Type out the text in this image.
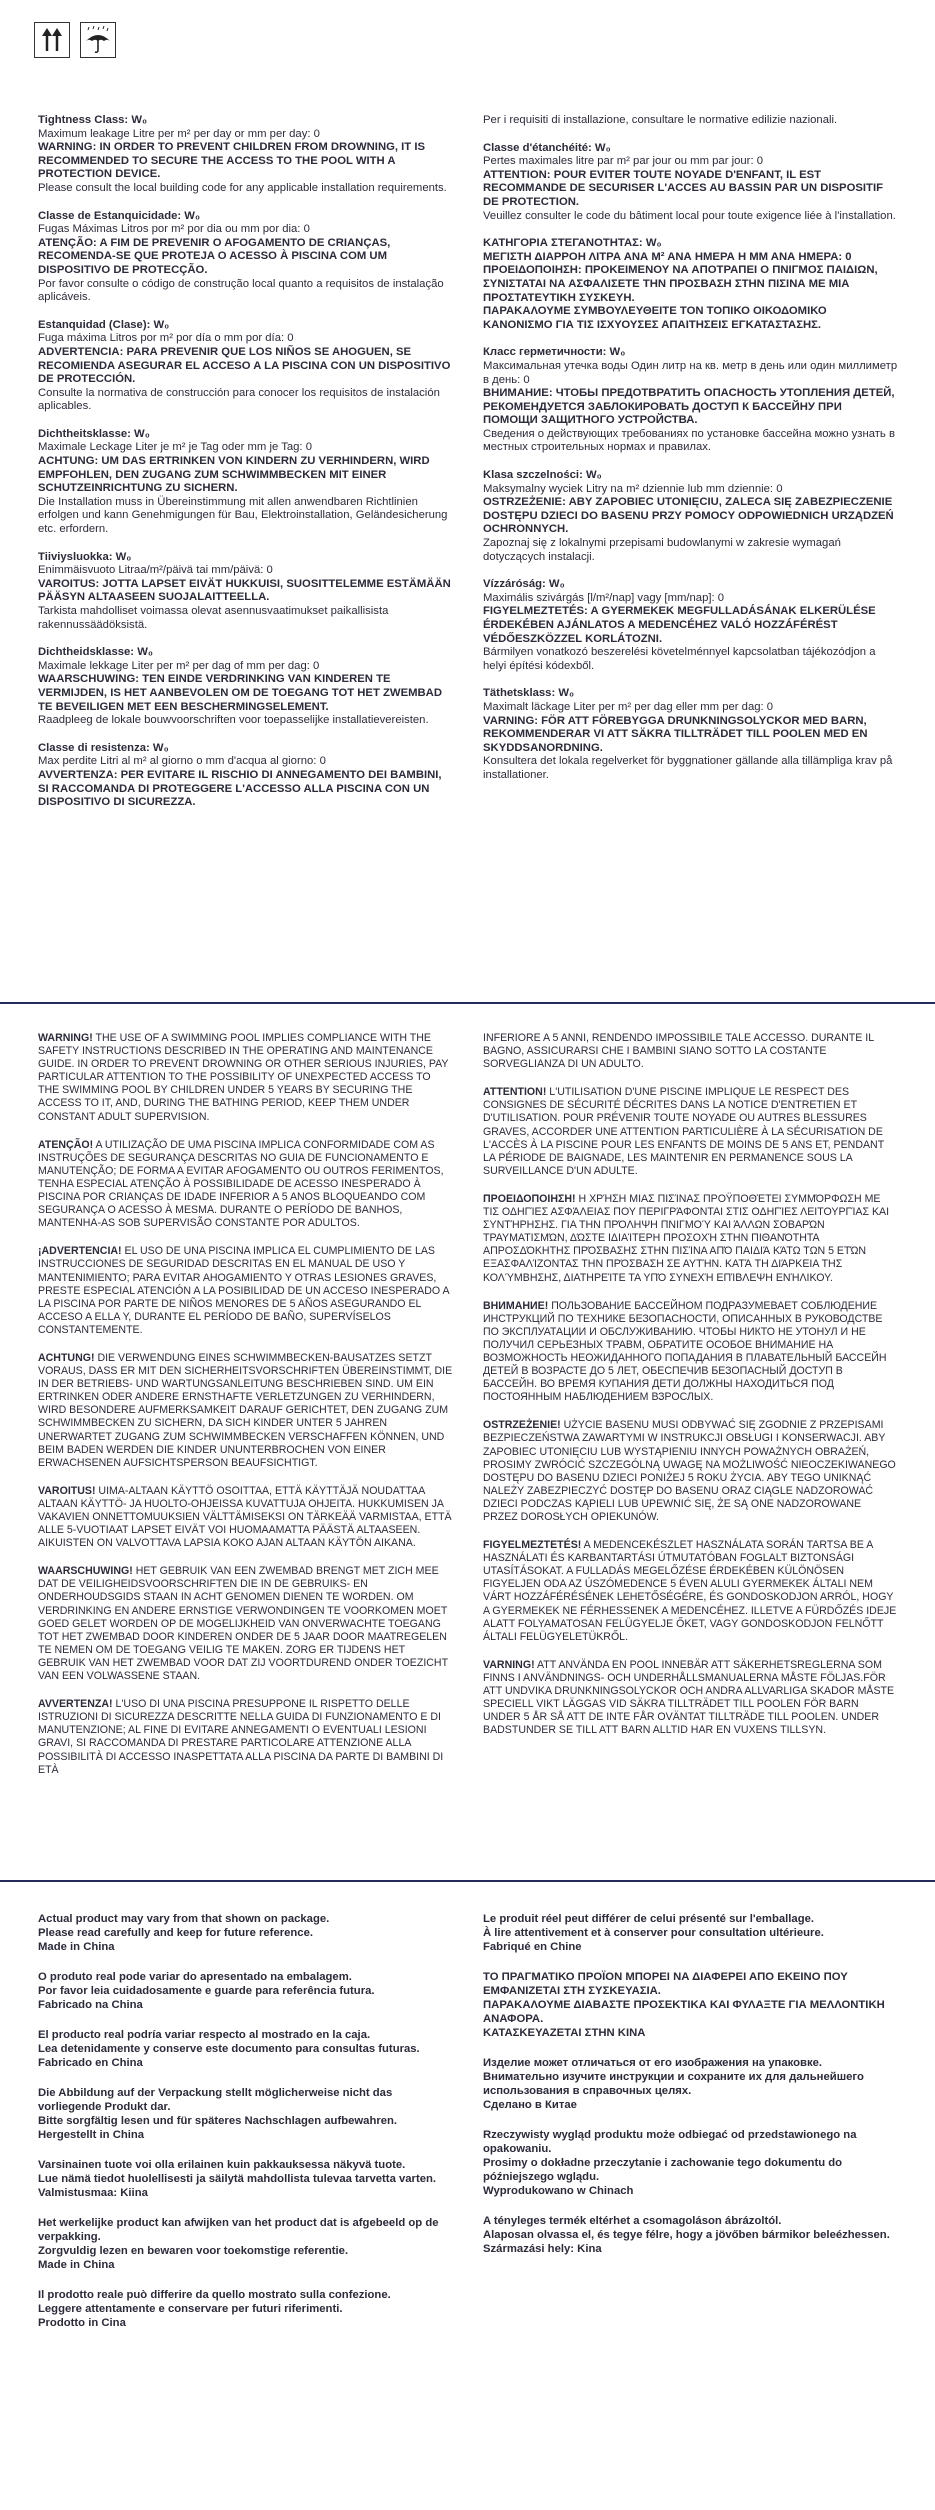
Tightness Class: W₀
Maximum leakage Litre per m² per day or mm per day: 0
WARNING: IN ORDER TO PREVENT CHILDREN FROM DROWNING, IT IS RECOMMENDED TO SECURE THE ACCESS TO THE POOL WITH A PROTECTION DEVICE.
Please consult the local building code for any applicable installation requirements.
Classe de Estanquicidade: W₀
Fugas Máximas Litros por m² por dia ou mm por dia: 0
ATENÇÃO: A FIM DE PREVENIR O AFOGAMENTO DE CRIANÇAS, RECOMENDA-SE QUE PROTEJA O ACESSO À PISCINA COM UM DISPOSITIVO DE PROTECÇÃO.
Por favor consulte o código de construção local quanto a requisitos de instalação aplicáveis.
Estanquidad (Clase): W₀
Fuga máxima Litros por m² por día o mm por día: 0
ADVERTENCIA: PARA PREVENIR QUE LOS NIÑOS SE AHOGUEN, SE RECOMIENDA ASEGURAR EL ACCESO A LA PISCINA CON UN DISPOSITIVO DE PROTECCIÓN.
Consulte la normativa de construcción para conocer los requisitos de instalación aplicables.
Dichtheitsklasse: W₀
Maximale Leckage Liter je m² je Tag oder mm je Tag: 0
ACHTUNG: UM DAS ERTRINKEN VON KINDERN ZU VERHINDERN, WIRD EMPFOHLEN, DEN ZUGANG ZUM SCHWIMMBECKEN MIT EINER SCHUTZEINRICHTUNG ZU SICHERN.
Die Installation muss in Übereinstimmung mit allen anwendbaren Richtlinien erfolgen und kann Genehmigungen für Bau, Elektroinstallation, Geländesicherung etc. erfordern.
Tiiviysluokka: W₀
Enimmäisvuoto Litraa/m²/päivä tai mm/päivä: 0
VAROITUS: JOTTA LAPSET EIVÄT HUKKUISI, SUOSITTELEMME ESTÄMÄÄN PÄÄSYN ALTAASEEN SUOJALAITTEELLA.
Tarkista mahdolliset voimassa olevat asennusvaatimukset paikallisista rakennussäädöksistä.
Dichtheidsklasse: W₀
Maximale lekkage Liter per m² per dag of mm per dag: 0
WAARSCHUWING: TEN EINDE VERDRINKING VAN KINDEREN TE VERMIJDEN, IS HET AANBEVOLEN OM DE TOEGANG TOT HET ZWEMBAD TE BEVEILIGEN MET EEN BESCHERMINGSELEMENT.
Raadpleeg de lokale bouwvoorschriften voor toepasselijke installatievereisten.
Classe di resistenza: W₀
Max perdite Litri al m² al giorno o mm d'acqua al giorno: 0
AVVERTENZA: PER EVITARE IL RISCHIO DI ANNEGAMENTO DEI BAMBINI, SI RACCOMANDA DI PROTEGGERE L'ACCESSO ALLA PISCINA CON UN DISPOSITIVO DI SICUREZZA.
Per i requisiti di installazione, consultare le normative edilizie nazionali.
Classe d'étanchéité: W₀
Pertes maximales litre par m² par jour ou mm par jour: 0
ATTENTION: POUR EVITER TOUTE NOYADE D'ENFANT, IL EST RECOMMANDE DE SECURISER L'ACCES AU BASSIN PAR UN DISPOSITIF DE PROTECTION.
Veuillez consulter le code du bâtiment local pour toute exigence liée à l'installation.
ΚΑΤΗΓΟΡΙΑ ΣΤΕΓΑΝΟΤΗΤΑΣ: W₀
ΜΕΓΙΣΤΗ ΔΙΑΡΡΟΗ ΛΙΤΡΑ ΑΝΑ Μ² ΑΝΑ ΗΜΕΡΑ Η ΜΜ ΑΝΑ ΗΜΕΡΑ: 0
ΠΡΟΕΙΔΟΠΟΙΗΣΗ: ΠΡΟΚΕΙΜΕΝΟΥ ΝΑ ΑΠΟΤΡΑΠΕΙ Ο ΠΝΙΓΜΟΣ ΠΑΙΔΙΩΝ, ΣΥΝΙΣΤΑΤΑΙ ΝΑ ΑΣΦΑΛΙΣΕΤΕ ΤΗΝ ΠΡΟΣΒΑΣΗ ΣΤΗΝ ΠΙΣΙΝΑ ΜΕ ΜΙΑ ΠΡΟΣΤΑΤΕΥΤΙΚΗ ΣΥΣΚΕΥΗ.
ΠΑΡΑΚΑΛΟΥΜΕ ΣΥΜΒΟΥΛΕΥΘΕΙΤΕ ΤΟΝ ΤΟΠΙΚΟ ΟΙΚΟΔΟΜΙΚΟ ΚΑΝΟΝΙΣΜΟ ΓΙΑ ΤΙΣ ΙΣΧΥΟΥΣΕΣ ΑΠΑΙΤΗΣΕΙΣ ΕΓΚΑΤΑΣΤΑΣΗΣ.
Класс герметичности: W₀
Максимальная утечка воды Один литр на кв. метр в день или один миллиметр в день: 0
ВНИМАНИЕ: ЧТОБЫ ПРЕДОТВРАТИТЬ ОПАСНОСТЬ УТОПЛЕНИЯ ДЕТЕЙ, РЕКОМЕНДУЕТСЯ ЗАБЛОКИРОВАТЬ ДОСТУП К БАССЕЙНУ ПРИ ПОМОЩИ ЗАЩИТНОГО УСТРОЙСТВА.
Сведения о действующих требованиях по установке бассейна можно узнать в местных строительных нормах и правилах.
Klasa szczelności: W₀
Maksymalny wyciek Litry na m² dziennie lub mm dziennie: 0
OSTRZEŻENIE: ABY ZAPOBIEC UTONIĘCIU, ZALECA SIĘ ZABEZPIECZENIE DOSTĘPU DZIECI DO BASENU PRZY POMOCY ODPOWIEDNICH URZĄDZEŃ OCHRONNYCH.
Zapoznaj się z lokalnymi przepisami budowlanymi w zakresie wymagań dotyczących instalacji.
Vízzáróság: W₀
Maximális szivárgás [l/m²/nap] vagy [mm/nap]: 0
FIGYELMEZTETÉS: A GYERMEKEK MEGFULLADÁSÁNAK ELKERÜLÉSE ÉRDEKÉBEN AJÁNLATOS A MEDENCÉHEZ VALÓ HOZZÁFÉRÉST VÉDŐESZKÖZZEL KORLÁTOZNI.
Bármilyen vonatkozó beszerelési követelménnyel kapcsolatban tájékozódjon a helyi építési kódexből.
Täthetsklass: W₀
Maximalt läckage Liter per m² per dag eller mm per dag: 0
VARNING: FÖR ATT FÖREBYGGA DRUNKNINGSOLYCKOR MED BARN, REKOMMENDERAR VI ATT SÄKRA TILLTRÄDET TILL POOLEN MED EN SKYDDSANORDNING.
Konsultera det lokala regelverket för byggnationer gällande alla tillämpliga krav på installationer.
WARNING! THE USE OF A SWIMMING POOL IMPLIES COMPLIANCE WITH THE SAFETY INSTRUCTIONS DESCRIBED IN THE OPERATING AND MAINTENANCE GUIDE. IN ORDER TO PREVENT DROWNING OR OTHER SERIOUS INJURIES, PAY PARTICULAR ATTENTION TO THE POSSIBILITY OF UNEXPECTED ACCESS TO THE SWIMMING POOL BY CHILDREN UNDER 5 YEARS BY SECURING THE ACCESS TO IT, AND, DURING THE BATHING PERIOD, KEEP THEM UNDER CONSTANT ADULT SUPERVISION.
ATENÇÃO! A UTILIZAÇÃO DE UMA PISCINA IMPLICA CONFORMIDADE COM AS INSTRUÇÕES DE SEGURANÇA DESCRITAS NO GUIA DE FUNCIONAMENTO E MANUTENÇÃO; DE FORMA A EVITAR AFOGAMENTO OU OUTROS FERIMENTOS, TENHA ESPECIAL ATENÇÃO À POSSIBILIDADE DE ACESSO INESPERADO À PISCINA POR CRIANÇAS DE IDADE INFERIOR A 5 ANOS BLOQUEANDO COM SEGURANÇA O ACESSO À MESMA. DURANTE O PERÍODO DE BANHOS, MANTENHA-AS SOB SUPERVISÃO CONSTANTE POR ADULTOS.
¡ADVERTENCIA! EL USO DE UNA PISCINA IMPLICA EL CUMPLIMIENTO DE LAS INSTRUCCIONES DE SEGURIDAD DESCRITAS EN EL MANUAL DE USO Y MANTENIMIENTO; PARA EVITAR AHOGAMIENTO Y OTRAS LESIONES GRAVES, PRESTE ESPECIAL ATENCIÓN A LA POSIBILIDAD DE UN ACCESO INESPERADO A LA PISCINA POR PARTE DE NIÑOS MENORES DE 5 AÑOS ASEGURANDO EL ACCESO A ELLA Y, DURANTE EL PERÍODO DE BAÑO, SUPERVÍSELOS CONSTANTEMENTE.
ACHTUNG! DIE VERWENDUNG EINES SCHWIMMBECKEN-BAUSATZES SETZT VORAUS, DASS ER MIT DEN SICHERHEITSVORSCHRIFTEN ÜBEREINSTIMMT, DIE IN DER BETRIEBS- UND WARTUNGSANLEITUNG BESCHRIEBEN SIND. UM EIN ERTRINKEN ODER ANDERE ERNSTHAFTE VERLETZUNGEN ZU VERHINDERN, WIRD BESONDERE AUFMERKSAMKEIT DARAUF GERICHTET, DEN ZUGANG ZUM SCHWIMMBECKEN ZU SICHERN, DA SICH KINDER UNTER 5 JAHREN UNERWARTET ZUGANG ZUM SCHWIMMBECKEN VERSCHAFFEN KÖNNEN, UND BEIM BADEN WERDEN DIE KINDER UNUNTERBROCHEN VON EINER ERWACHSENEN AUFSICHTSPERSON BEAUFSICHTIGT.
VAROITUS! UIMA-ALTAAN KÄYTTÖ OSOITTAA, ETTÄ KÄYTTÄJÄ NOUDATTAA ALTAAN KÄYTTÖ- JA HUOLTO-OHJEISSA KUVATTUJA OHJEITA. HUKKUMISEN JA VAKAVIEN ONNETTOMUUKSIEN VÄLTTÄMISEKSI ON TÄRKEÄÄ VARMISTAA, ETTÄ ALLE 5-VUOTIAAT LAPSET EIVÄT VOI HUOMAAMATTA PÄÄSTÄ ALTAASEEN. AIKUISTEN ON VALVOTTAVA LAPSIA KOKO AJAN ALTAAN KÄYTÖN AIKANA.
WAARSCHUWING! HET GEBRUIK VAN EEN ZWEMBAD BRENGT MET ZICH MEE DAT DE VEILIGHEIDSVOORSCHRIFTEN DIE IN DE GEBRUIKS- EN ONDERHOUDSGIDS STAAN IN ACHT GENOMEN DIENEN TE WORDEN. OM VERDRINKING EN ANDERE ERNSTIGE VERWONDINGEN TE VOORKOMEN MOET GOED GELET WORDEN OP DE MOGELIJKHEID VAN ONVERWACHTE TOEGANG TOT HET ZWEMBAD DOOR KINDEREN ONDER DE 5 JAAR DOOR MAATREGELEN TE NEMEN OM DE TOEGANG VEILIG TE MAKEN. ZORG ER TIJDENS HET GEBRUIK VAN HET ZWEMBAD VOOR DAT ZIJ VOORTDUREND ONDER TOEZICHT VAN EEN VOLWASSENE STAAN.
AVVERTENZA! L'USO DI UNA PISCINA PRESUPPONE IL RISPETTO DELLE ISTRUZIONI DI SICUREZZA DESCRITTE NELLA GUIDA DI FUNZIONAMENTO E DI MANUTENZIONE; AL FINE DI EVITARE ANNEGAMENTI O EVENTUALI LESIONI GRAVI, SI RACCOMANDA DI PRESTARE PARTICOLARE ATTENZIONE ALLA POSSIBILITÀ DI ACCESSO INASPETTATA ALLA PISCINA DA PARTE DI BAMBINI DI ETÀ
INFERIORE A 5 ANNI, RENDENDO IMPOSSIBILE TALE ACCESSO. DURANTE IL BAGNO, ASSICURARSI CHE I BAMBINI SIANO SOTTO LA COSTANTE SORVEGLIANZA DI UN ADULTO.
ATTENTION! L'UTILISATION D'UNE PISCINE IMPLIQUE LE RESPECT DES CONSIGNES DE SÉCURITÉ DÉCRITES DANS LA NOTICE D'ENTRETIEN ET D'UTILISATION. POUR PRÉVENIR TOUTE NOYADE OU AUTRES BLESSURES GRAVES, ACCORDER UNE ATTENTION PARTICULIÈRE À LA SÉCURISATION DE L'ACCÈS À LA PISCINE POUR LES ENFANTS DE MOINS DE 5 ANS ET, PENDANT LA PÉRIODE DE BAIGNADE, LES MAINTENIR EN PERMANENCE SOUS LA SURVEILLANCE D'UN ADULTE.
ΠΡΟΕΙΔΟΠΟΙΗΣΗ! Η ΧΡΉΣΗ ΜΙΑΣ ΠΙΣΊΝΑΣ ΠΡΟΫΠΟΘΈΤΕΙ ΣΥΜΜΌΡΦΩΣΗ ΜΕ ΤΙΣ ΟΔΗΓΊΕΣ ΑΣΦΆΛΕΙΑΣ ΠΟΥ ΠΕΡΙΓΡΆΦΟΝΤΑΙ ΣΤΙΣ ΟΔΗΓΊΕΣ ΛΕΙΤΟΥΡΓΊΑΣ ΚΑΙ ΣΥΝΤΉΡΗΣΗΣ. ΓΙΑ ΤΗΝ ΠΡΌΛΗΨΗ ΠΝΙΓΜΟΎ ΚΑΙ ΆΛΛΩΝ ΣΟΒΑΡΏΝ ΤΡΑΥΜΑΤΙΣΜΏΝ, ΔΏΣΤΕ ΙΔΙΑΊΤΕΡΗ ΠΡΟΣΟΧΉ ΣΤΗΝ ΠΙΘΑΝΌΤΗΤΑ ΑΠΡΟΣΔΌΚΗΤΗΣ ΠΡΌΣΒΑΣΗΣ ΣΤΗΝ ΠΙΣΊΝΑ ΑΠΌ ΠΑΙΔΙΆ ΚΆΤΩ ΤΩΝ 5 ΕΤΏΝ ΕΞΑΣΦΑΛΊΖΟΝΤΑΣ ΤΗΝ ΠΡΌΣΒΑΣΗ ΣΕ ΑΥΤΉΝ. ΚΑΤΆ ΤΗ ΔΙΆΡΚΕΙΑ ΤΗΣ ΚΟΛΎΜΒΗΣΗΣ, ΔΙΑΤΗΡΕΊΤΕ ΤΑ ΥΠΌ ΣΥΝΕΧΉ ΕΠΊΒΛΕΨΗ ΕΝΉΛΙΚΟΥ.
ВНИМАНИЕ! ПОЛЬЗОВАНИЕ БАССЕЙНОМ ПОДРАЗУМЕВАЕТ СОБЛЮДЕНИЕ ИНСТРУКЦИЙ ПО ТЕХНИКЕ БЕЗОПАСНОСТИ, ОПИСАННЫХ В РУКОВОДСТВЕ ПО ЭКСПЛУАТАЦИИ И ОБСЛУЖИВАНИЮ. ЧТОБЫ НИКТО НЕ УТОНУЛ И НЕ ПОЛУЧИЛ СЕРЬЕЗНЫХ ТРАВМ, ОБРАТИТЕ ОСОБОЕ ВНИМАНИЕ НА ВОЗМОЖНОСТЬ НЕОЖИДАННОГО ПОПАДАНИЯ В ПЛАВАТЕЛЬНЫЙ БАССЕЙН ДЕТЕЙ В ВОЗРАСТЕ ДО 5 ЛЕТ, ОБЕСПЕЧИВ БЕЗОПАСНЫЙ ДОСТУП В БАССЕЙН. ВО ВРЕМЯ КУПАНИЯ ДЕТИ ДОЛЖНЫ НАХОДИТЬСЯ ПОД ПОСТОЯННЫМ НАБЛЮДЕНИЕМ ВЗРОСЛЫХ.
OSTRZEŻENIE! UŻYCIE BASENU MUSI ODBYWAĆ SIĘ ZGODNIE Z PRZEPISAMI BEZPIECZEŃSTWA ZAWARTYMI W INSTRUKCJI OBSŁUGI I KONSERWACJI. ABY ZAPOBIEC UTONIĘCIU LUB WYSTĄPIENIU INNYCH POWAŻNYCH OBRAŻEŃ, PROSIMY ZWRÓCIĆ SZCZEGÓLNĄ UWAGĘ NA MOŻLIWOŚĆ NIEOCZEKIWANEGO DOSTĘPU DO BASENU DZIECI PONIŻEJ 5 ROKU ŻYCIA. ABY TEGO UNIKNĄĆ NALEŻY ZABEZPIECZYĆ DOSTĘP DO BASENU ORAZ CIĄGLE NADZOROWAĆ DZIECI PODCZAS KĄPIELI LUB UPEWNIĆ SIĘ, ŻE SĄ ONE NADZOROWANE PRZEZ DOROSŁYCH OPIEKUNÓW.
FIGYELMEZTETÉS! A MEDENCEKÉSZLET HASZNÁLATA SORÁN TARTSA BE A HASZNÁLATI ÉS KARBANTARTÁSI ÚTMUTATÓBAN FOGLALT BIZTONSÁGI UTASÍTÁSOKAT. A FULLADÁS MEGELŐZÉSE ÉRDEKÉBEN KÜLÖNÖSEN FIGYELJEN ODA AZ ÚSZÓMEDENCE 5 ÉVEN ALULI GYERMEKEK ÁLTALI NEM VÁRT HOZZÁFÉRÉSÉNEK LEHETŐSÉGÉRE, ÉS GONDOSKODJON ARRÓL, HOGY A GYERMEKEK NE FÉRHESSENEK A MEDENCÉHEZ. ILLETVE A FÜRDŐZÉS IDEJE ALATT FOLYAMATOSAN FELÜGYELJE ŐKET, VAGY GONDOSKODJON FELNŐTT ÁLTALI FELÜGYELETÜKRŐL.
VARNING! ATT ANVÄNDA EN POOL INNEBÄR ATT SÄKERHETSREGLERNA SOM FINNS I ANVÄNDNINGS- OCH UNDERHÅLLSMANUALERNA MÅSTE FÖLJAS.FÖR ATT UNDVIKA DRUNKNINGSOLYCKOR OCH ANDRA ALLVARLIGA SKADOR MÅSTE SPECIELL VIKT LÄGGAS VID SÄKRA TILLTRÄDET TILL POOLEN FÖR BARN UNDER 5 ÅR SÅ ATT DE INTE FÅR OVÄNTAT TILLTRÄDE TILL POOLEN. UNDER BADSTUNDER SE TILL ATT BARN ALLTID HAR EN VUXENS TILLSYN.
Actual product may vary from that shown on package.
Please read carefully and keep for future reference.
Made in China
O produto real pode variar do apresentado na embalagem.
Por favor leia cuidadosamente e guarde para referência futura.
Fabricado na China
El producto real podría variar respecto al mostrado en la caja.
Lea detenidamente y conserve este documento para consultas futuras.
Fabricado en China
Die Abbildung auf der Verpackung stellt möglicherweise nicht das vorliegende Produkt dar.
Bitte sorgfältig lesen und für späteres Nachschlagen aufbewahren.
Hergestellt in China
Varsinainen tuote voi olla erilainen kuin pakkauksessa näkyvä tuote.
Lue nämä tiedot huolellisesti ja säilytä mahdollista tulevaa tarvetta varten.
Valmistusmaa: Kiina
Het werkelijke product kan afwijken van het product dat is afgebeeld op de verpakking.
Zorgvuldig lezen en bewaren voor toekomstige referentie.
Made in China
Il prodotto reale può differire da quello mostrato sulla confezione.
Leggere attentamente e conservare per futuri riferimenti.
Prodotto in Cina
Le produit réel peut différer de celui présenté sur l'emballage.
À lire attentivement et à conserver pour consultation ultérieure.
Fabriqué en Chine
ΤΟ ΠΡΑΓΜΑΤΙΚΟ ΠΡΟΪΟΝ ΜΠΟΡΕΙ ΝΑ ΔΙΑΦΕΡΕΙ ΑΠΟ ΕΚΕΙΝΟ ΠΟΥ ΕΜΦΑΝΙΖΕΤΑΙ ΣΤΗ ΣΥΣΚΕΥΑΣΙΑ.
ΠΑΡΑΚΑΛΟΥΜΕ ΔΙΑΒΑΣΤΕ ΠΡΟΣΕΚΤΙΚΑ ΚΑΙ ΦΥΛΑΞΤΕ ΓΙΑ ΜΕΛΛΟΝΤΙΚΗ ΑΝΑΦΟΡΑ.
ΚΑΤΑΣΚΕΥΑΖΕΤΑΙ ΣΤΗΝ ΚΙΝΑ
Изделие может отличаться от его изображения на упаковке.
Внимательно изучите инструкции и сохраните их для дальнейшего использования в справочных целях.
Сделано в Китае
Rzeczywisty wygląd produktu może odbiegać od przedstawionego na opakowaniu.
Prosimy o dokładne przeczytanie i zachowanie tego dokumentu do późniejszego wglądu.
Wyprodukowano w Chinach
A tényleges termék eltérhet a csomagoláson ábrázoltól.
Alaposan olvassa el, és tegye félre, hogy a jövőben bármikor beleézhessen.
Származási hely: Kina
